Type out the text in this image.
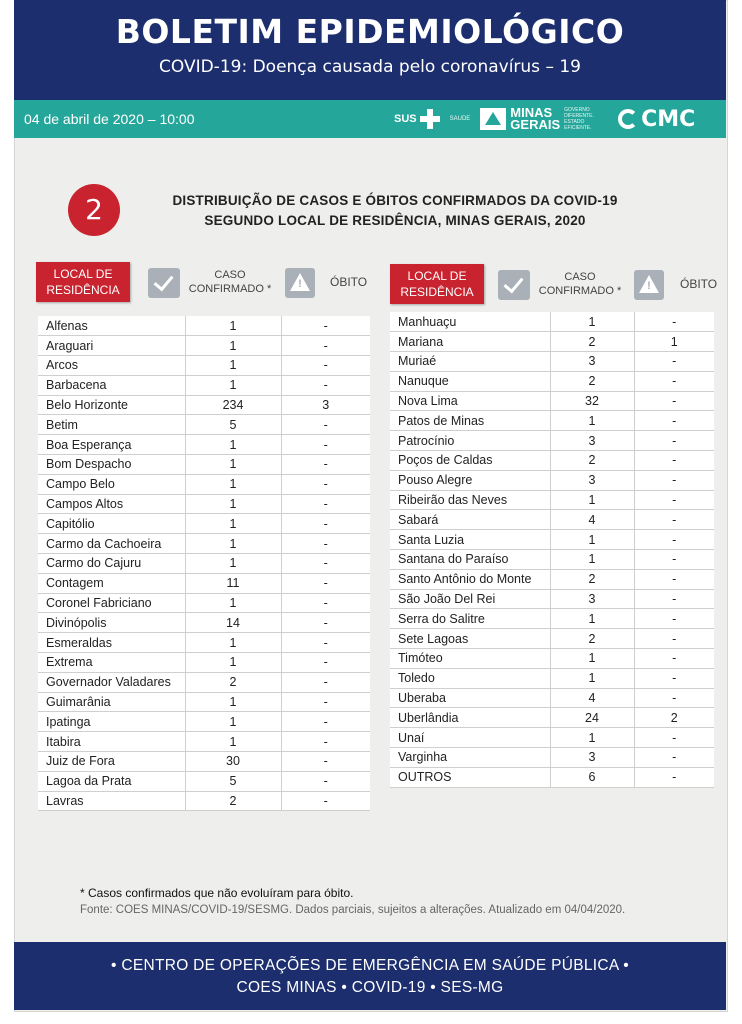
BOLETIM EPIDEMIOLÓGICO
COVID-19: Doença causada pelo coronavírus – 19
04 de abril de 2020 – 10:00	SUS	SAÚDE	MINAS
GERAIS
GOVERNO DIFERENTE. ESTADO EFICIENTE. CMC
2	DISTRIBUIÇÃO DE CASOS E ÓBITOS CONFIRMADOS DA COVID-19
SEGUNDO LOCAL DE RESIDÊNCIA, MINAS GERAIS, 2020
LOCAL DE
RESIDÊNCIA
CASO
CONFIRMADO * !	ÓBITO	LOCAL DE
RESIDÊNCIA
CASO
CONFIRMADO * !	ÓBITO
Alfenas	1	-
Araguari	1	-
Arcos	1	-
Barbacena	1	-
Belo Horizonte	234	3
Betim	5	-
Boa Esperança	1	-
Bom Despacho	1	-
Campo Belo	1	-
Campos Altos	1	-
Capitólio	1	-
Carmo da Cachoeira	1	-
Carmo do Cajuru	1	-
Contagem	11	-
Coronel Fabriciano	1	-
Divinópolis	14	-
Esmeraldas	1	-
Extrema	1	-
Governador Valadares	2	-
Guimarânia	1	-
Ipatinga	1	-
Itabira	1	-
Juiz de Fora	30	-
Lagoa da Prata	5	-
Lavras	2	-
Manhuaçu	1	-
Mariana	2	1
Muriaé	3	-
Nanuque	2	-
Nova Lima	32	-
Patos de Minas	1	-
Patrocínio	3	-
Poços de Caldas	2	-
Pouso Alegre	3	-
Ribeirão das Neves	1	-
Sabará	4	-
Santa Luzia	1	-
Santana do Paraíso	1	-
Santo Antônio do Monte	2	-
São João Del Rei	3	-
Serra do Salitre	1	-
Sete Lagoas	2	-
Timóteo	1	-
Toledo	1	-
Uberaba	4	-
Uberlândia	24	2
Unaí	1	-
Varginha	3	-
OUTROS	6	-
* Casos confirmados que não evoluíram para óbito.
Fonte: COES MINAS/COVID-19/SESMG. Dados parciais, sujeitos a alterações. Atualizado em 04/04/2020.
• CENTRO DE OPERAÇÕES DE EMERGÊNCIA EM SAÚDE PÚBLICA •
COES MINAS • COVID-19 • SES-MG
